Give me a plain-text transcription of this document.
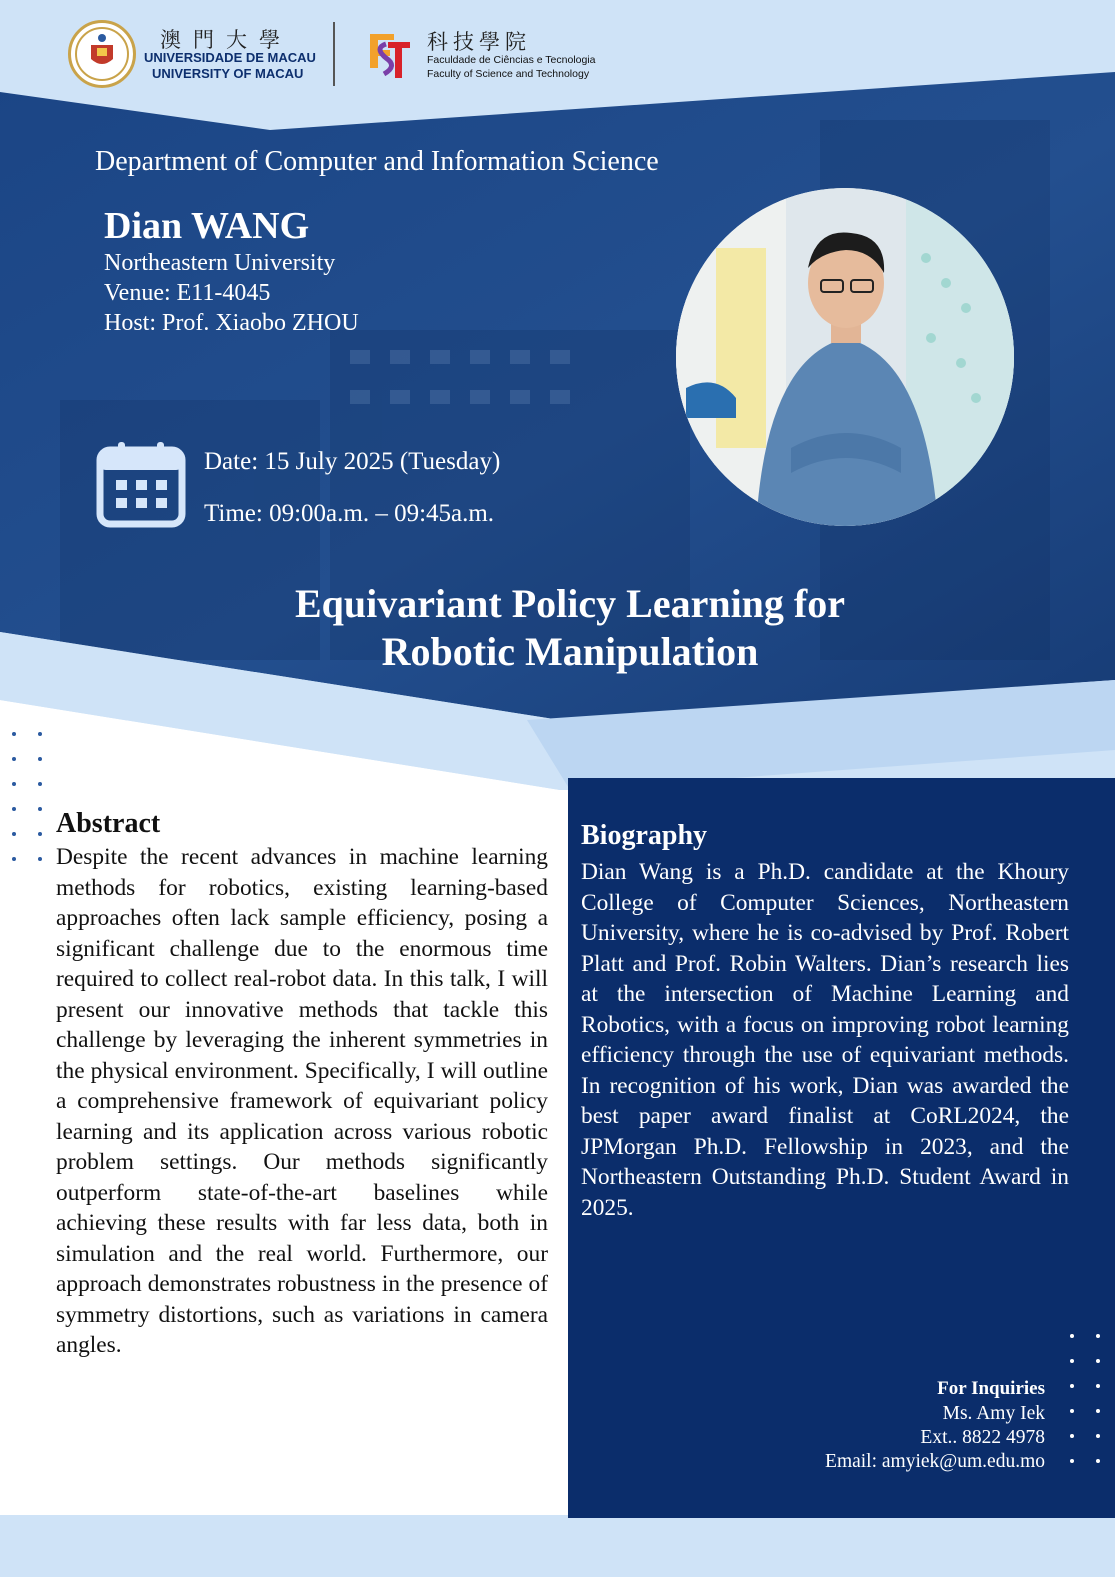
澳門大學
UNIVERSIDADE DE MACAU
UNIVERSITY OF MACAU
科技學院
Faculdade de Ciências e Tecnologia
Faculty of Science and Technology
Department of Computer and Information Science
Dian WANG
Northeastern University
Venue: E11-4045
Host: Prof. Xiaobo ZHOU
Date: 15 July 2025 (Tuesday)
Time: 09:00a.m. – 09:45a.m.
Equivariant Policy Learning for
Robotic Manipulation
Abstract
Despite the recent advances in machine learning methods for robotics, existing learning-based approaches often lack sample efficiency, posing a significant challenge due to the enormous time required to collect real-robot data. In this talk, I will present our innovative methods that tackle this challenge by leveraging the inherent symmetries in the physical environment. Specifically, I will outline a comprehensive framework of equivariant policy learning and its application across various robotic problem settings. Our methods significantly outperform state-of-the-art baselines while achieving these results with far less data, both in simulation and the real world. Furthermore, our approach demonstrates robustness in the presence of symmetry distortions, such as variations in camera angles.
Biography
Dian Wang is a Ph.D. candidate at the Khoury College of Computer Sciences, Northeastern University, where he is co-advised by Prof. Robert Platt and Prof. Robin Walters. Dian’s research lies at the intersection of Machine Learning and Robotics, with a focus on improving robot learning efficiency through the use of equivariant methods. In recognition of his work, Dian was awarded the best paper award finalist at CoRL2024, the JPMorgan Ph.D. Fellowship in 2023, and the Northeastern Outstanding Ph.D. Student Award in 2025.
For Inquiries
Ms. Amy Iek
Ext.. 8822 4978
Email: amyiek@um.edu.mo
